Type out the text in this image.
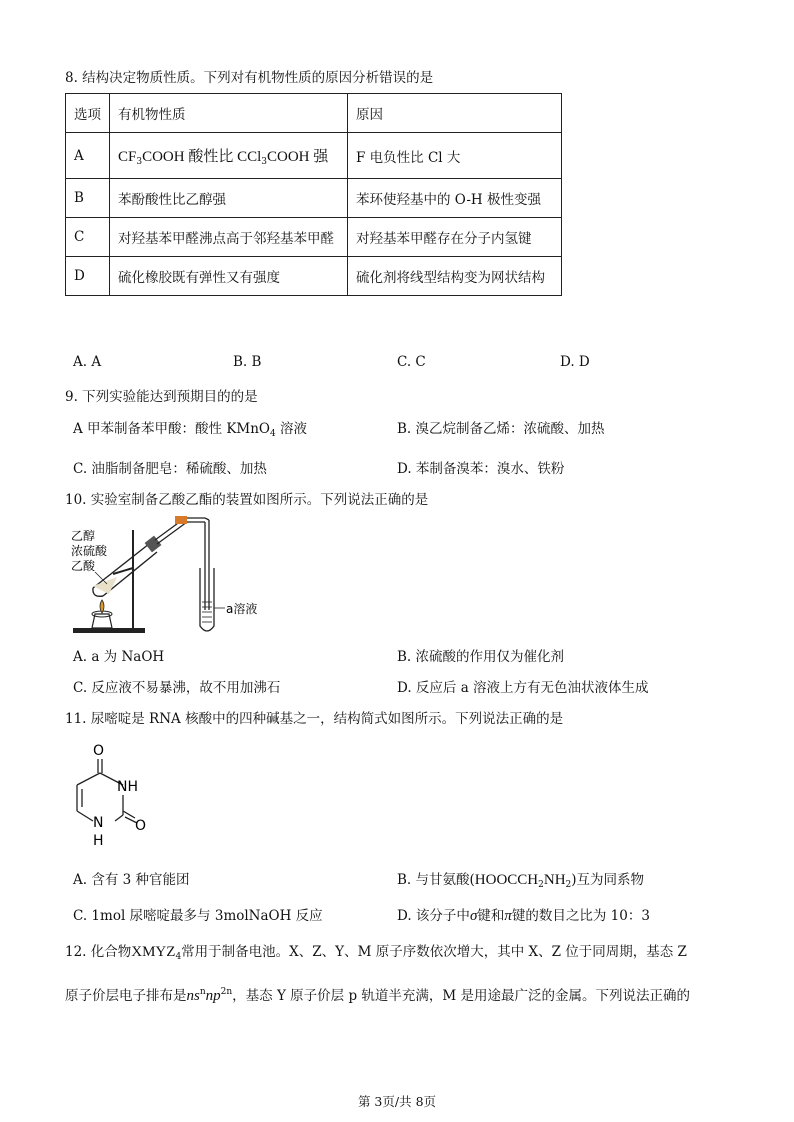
8. 结构决定物质性质。下列对有机物性质的原因分析错误的是
选项	有机物性质	原因
A	$CF_3COOH$ 酸性比 CCl$_3$COOH 强	F 电负性比 Cl 大
B	苯酚酸性比乙醇强	苯环使羟基中的 O-H 极性变强
C	对羟基苯甲醛沸点高于邻羟基苯甲醛	对羟基苯甲醛存在分子内氢键
D	硫化橡胶既有弹性又有强度	硫化剂将线型结构变为网状结构
A. A	B. B	C. C	D. D
9. 下列实验能达到预期目的的是
A 甲苯制备苯甲酸：酸性 KMnO$_4$ 溶液	B. 溴乙烷制备乙烯：浓硫酸、加热
C. 油脂制备肥皂：稀硫酸、加热	D. 苯制备溴苯：溴水、铁粉
10. 实验室制备乙酸乙酯的装置如图所示。下列说法正确的是
乙醇
浓硫酸
乙酸
a溶液
A. a 为 NaOH	B. 浓硫酸的作用仅为催化剂
C. 反应液不易暴沸，故不用加沸石	D. 反应后 a 溶液上方有无色油状液体生成
11. 尿嘧啶是 RNA 核酸中的四种碱基之一，结构简式如图所示。下列说法正确的是
O
NH
O
N
H
A. 含有 3 种官能团	B. 与甘氨酸$(HOOCCH_2NH_2)$互为同系物
C. 1mol 尿嘧啶最多与 3molNaOH 反应	D. 该分子中σ键和π键的数目之比为 10：3
12. 化合物$XMYZ_4$常用于制备电池。X、Z、Y、M 原子序数依次增大，其中 X、Z 位于同周期，基态 Z
原子价层电子排布是$ns^nnp^{2n}$，基态 Y 原子价层 p 轨道半充满，M 是用途最广泛的金属。下列说法正确的
第 3页/共 8页
